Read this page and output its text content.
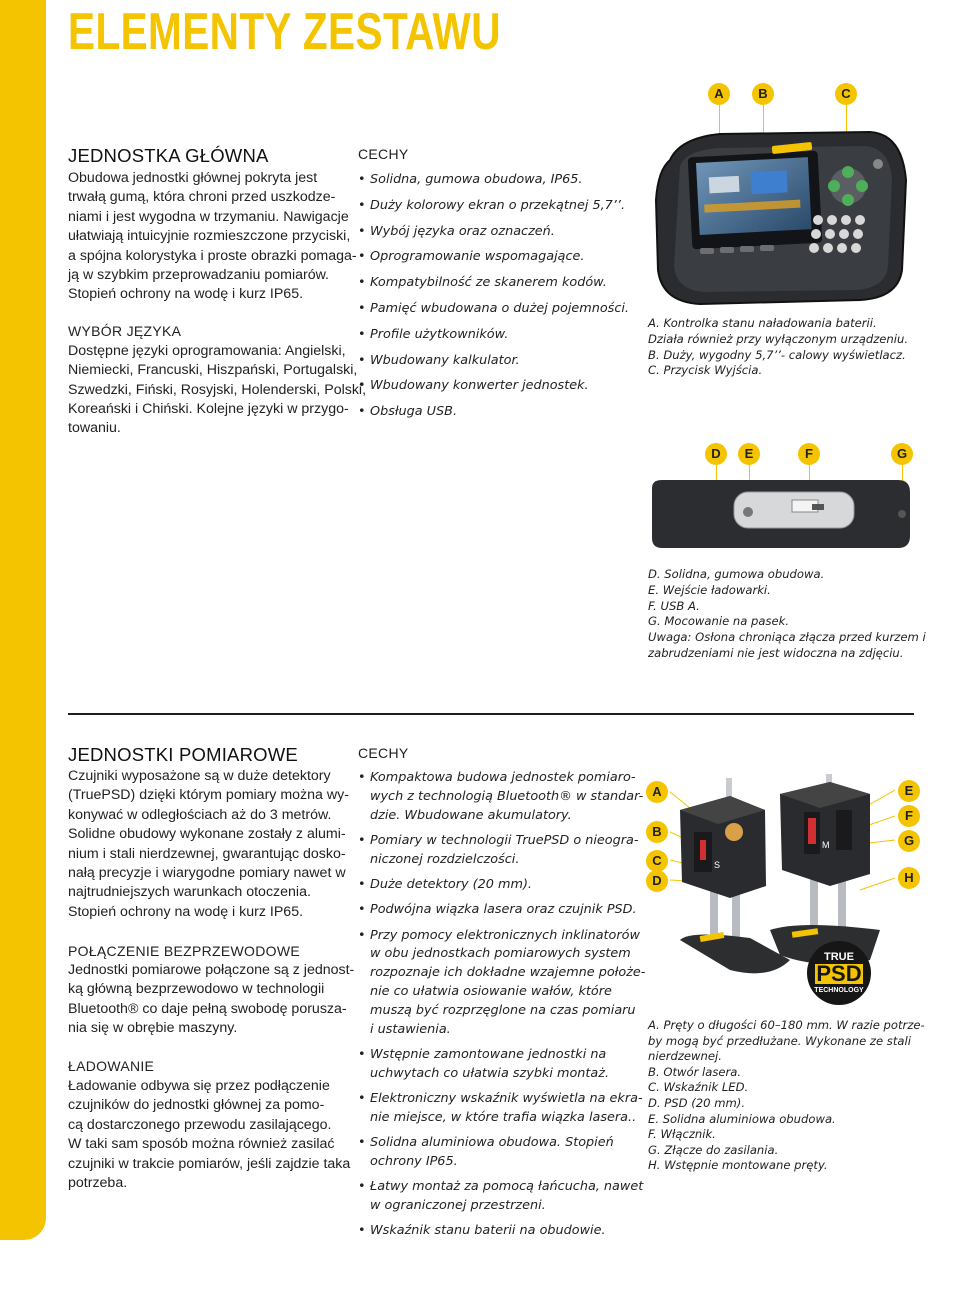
ELEMENTY ZESTAWU
JEDNOSTKA GŁÓWNA

Obudowa jednostki głównej pokryta jest
trwałą gumą, która chroni przed uszkodze-
niami i jest wygodna w trzymaniu. Nawigacje
ułatwiają intuicyjnie rozmieszczone przyciski,
a spójna kolorystyka i proste obrazki pomaga-
ją w szybkim przeprowadzaniu pomiarów.
Stopień ochrony na wodę i kurz IP65.

WYBÓR JĘZYKA

Dostępne języki oprogramowania: Angielski,
Niemiecki, Francuski, Hiszpański, Portugalski,
Szwedzki, Fiński, Rosyjski, Holenderski, Polski,
Koreański i Chiński. Kolejne języki w przygo-
towaniu.

CECHY

• Solidna, gumowa obudowa, IP65.
• Duży kolorowy ekran o przekątnej 5,7’’.
• Wybój języka oraz oznaczeń.
• Oprogramowanie wspomagające.
• Kompatybilność ze skanerem kodów.
• Pamięć wbudowana o dużej pojemności.
• Profile użytkowników.
• Wbudowany kalkulator.
• Wbudowany konwerter jednostek.
• Obsługa USB.
A	B	C

A. Kontrolka stanu naładowania baterii.
Działa również przy wyłączonym urządzeniu.
B. Duży, wygodny 5,7’’- calowy wyświetlacz.
C. Przycisk Wyjścia.

D	E	F	G

D. Solidna, gumowa obudowa.
E. Wejście ładowarki.
F. USB A.
G. Mocowanie na pasek.
Uwaga: Osłona chroniąca złącza przed kurzem i
zabrudzeniami nie jest widoczna na zdjęciu.

JEDNOSTKI POMIAROWE

Czujniki wyposażone są w duże detektory
(TruePSD) dzięki którym pomiary można wy-
konywać w odległościach aż do 3 metrów.
Solidne obudowy wykonane zostały z alumi-
nium i stali nierdzewnej, gwarantując dosko-
nałą precyzje i wiarygodne pomiary nawet w
najtrudniejszych warunkach otoczenia.
Stopień ochrony na wodę i kurz IP65.

POŁĄCZENIE BEZPRZEWODOWE

Jednostki pomiarowe połączone są z jednost-
ką główną bezprzewodowo w technologii
Bluetooth® co daje pełną swobodę porusza-
nia się w obrębie maszyny.

ŁADOWANIE

Ładowanie odbywa się przez podłączenie
czujników do jednostki głównej za pomo-
cą dostarczonego przewodu zasilającego.
W taki sam sposób można również zasilać
czujniki w trakcie pomiarów, jeśli zajdzie taka
potrzeba.

CECHY

• Kompaktowa budowa jednostek pomiaro-
wych z technologią Bluetooth® w standar-
dzie. Wbudowane akumulatory.
• Pomiary w technologii TruePSD o nieogra-
niczonej rozdzielczości.
• Duże detektory (20 mm).
• Podwójna wiązka lasera oraz czujnik PSD.
• Przy pomocy elektronicznych inklinatorów
w obu jednostkach pomiarowych system
rozpoznaje ich dokładne wzajemne położe-
nie co ułatwia osiowanie wałów, które
muszą być rozprzęglone na czas pomiaru
i ustawienia.
• Wstępnie zamontowane jednostki na
uchwytach co ułatwia szybki montaż.
• Elektroniczny wskaźnik wyświetla na ekra-
nie miejsce, w które trafia wiązka lasera..
• Solidna aluminiowa obudowa. Stopień
ochrony IP65.
• Łatwy montaż za pomocą łańcucha, nawet
w ograniczonej przestrzeni.
• Wskaźnik stanu baterii na obudowie.
A
B
C
D
E
F
G
H
S
M
TRUE
PSD
TECHNOLOGY

A. Pręty o długości 60–180 mm. W razie potrze-
by mogą być przedłużane. Wykonane ze stali
nierdzewnej.
B. Otwór lasera.
C. Wskaźnik LED.
D. PSD (20 mm).
E. Solidna aluminiowa obudowa.
F. Włącznik.
G. Złącze do zasilania.
H. Wstępnie montowane pręty.
